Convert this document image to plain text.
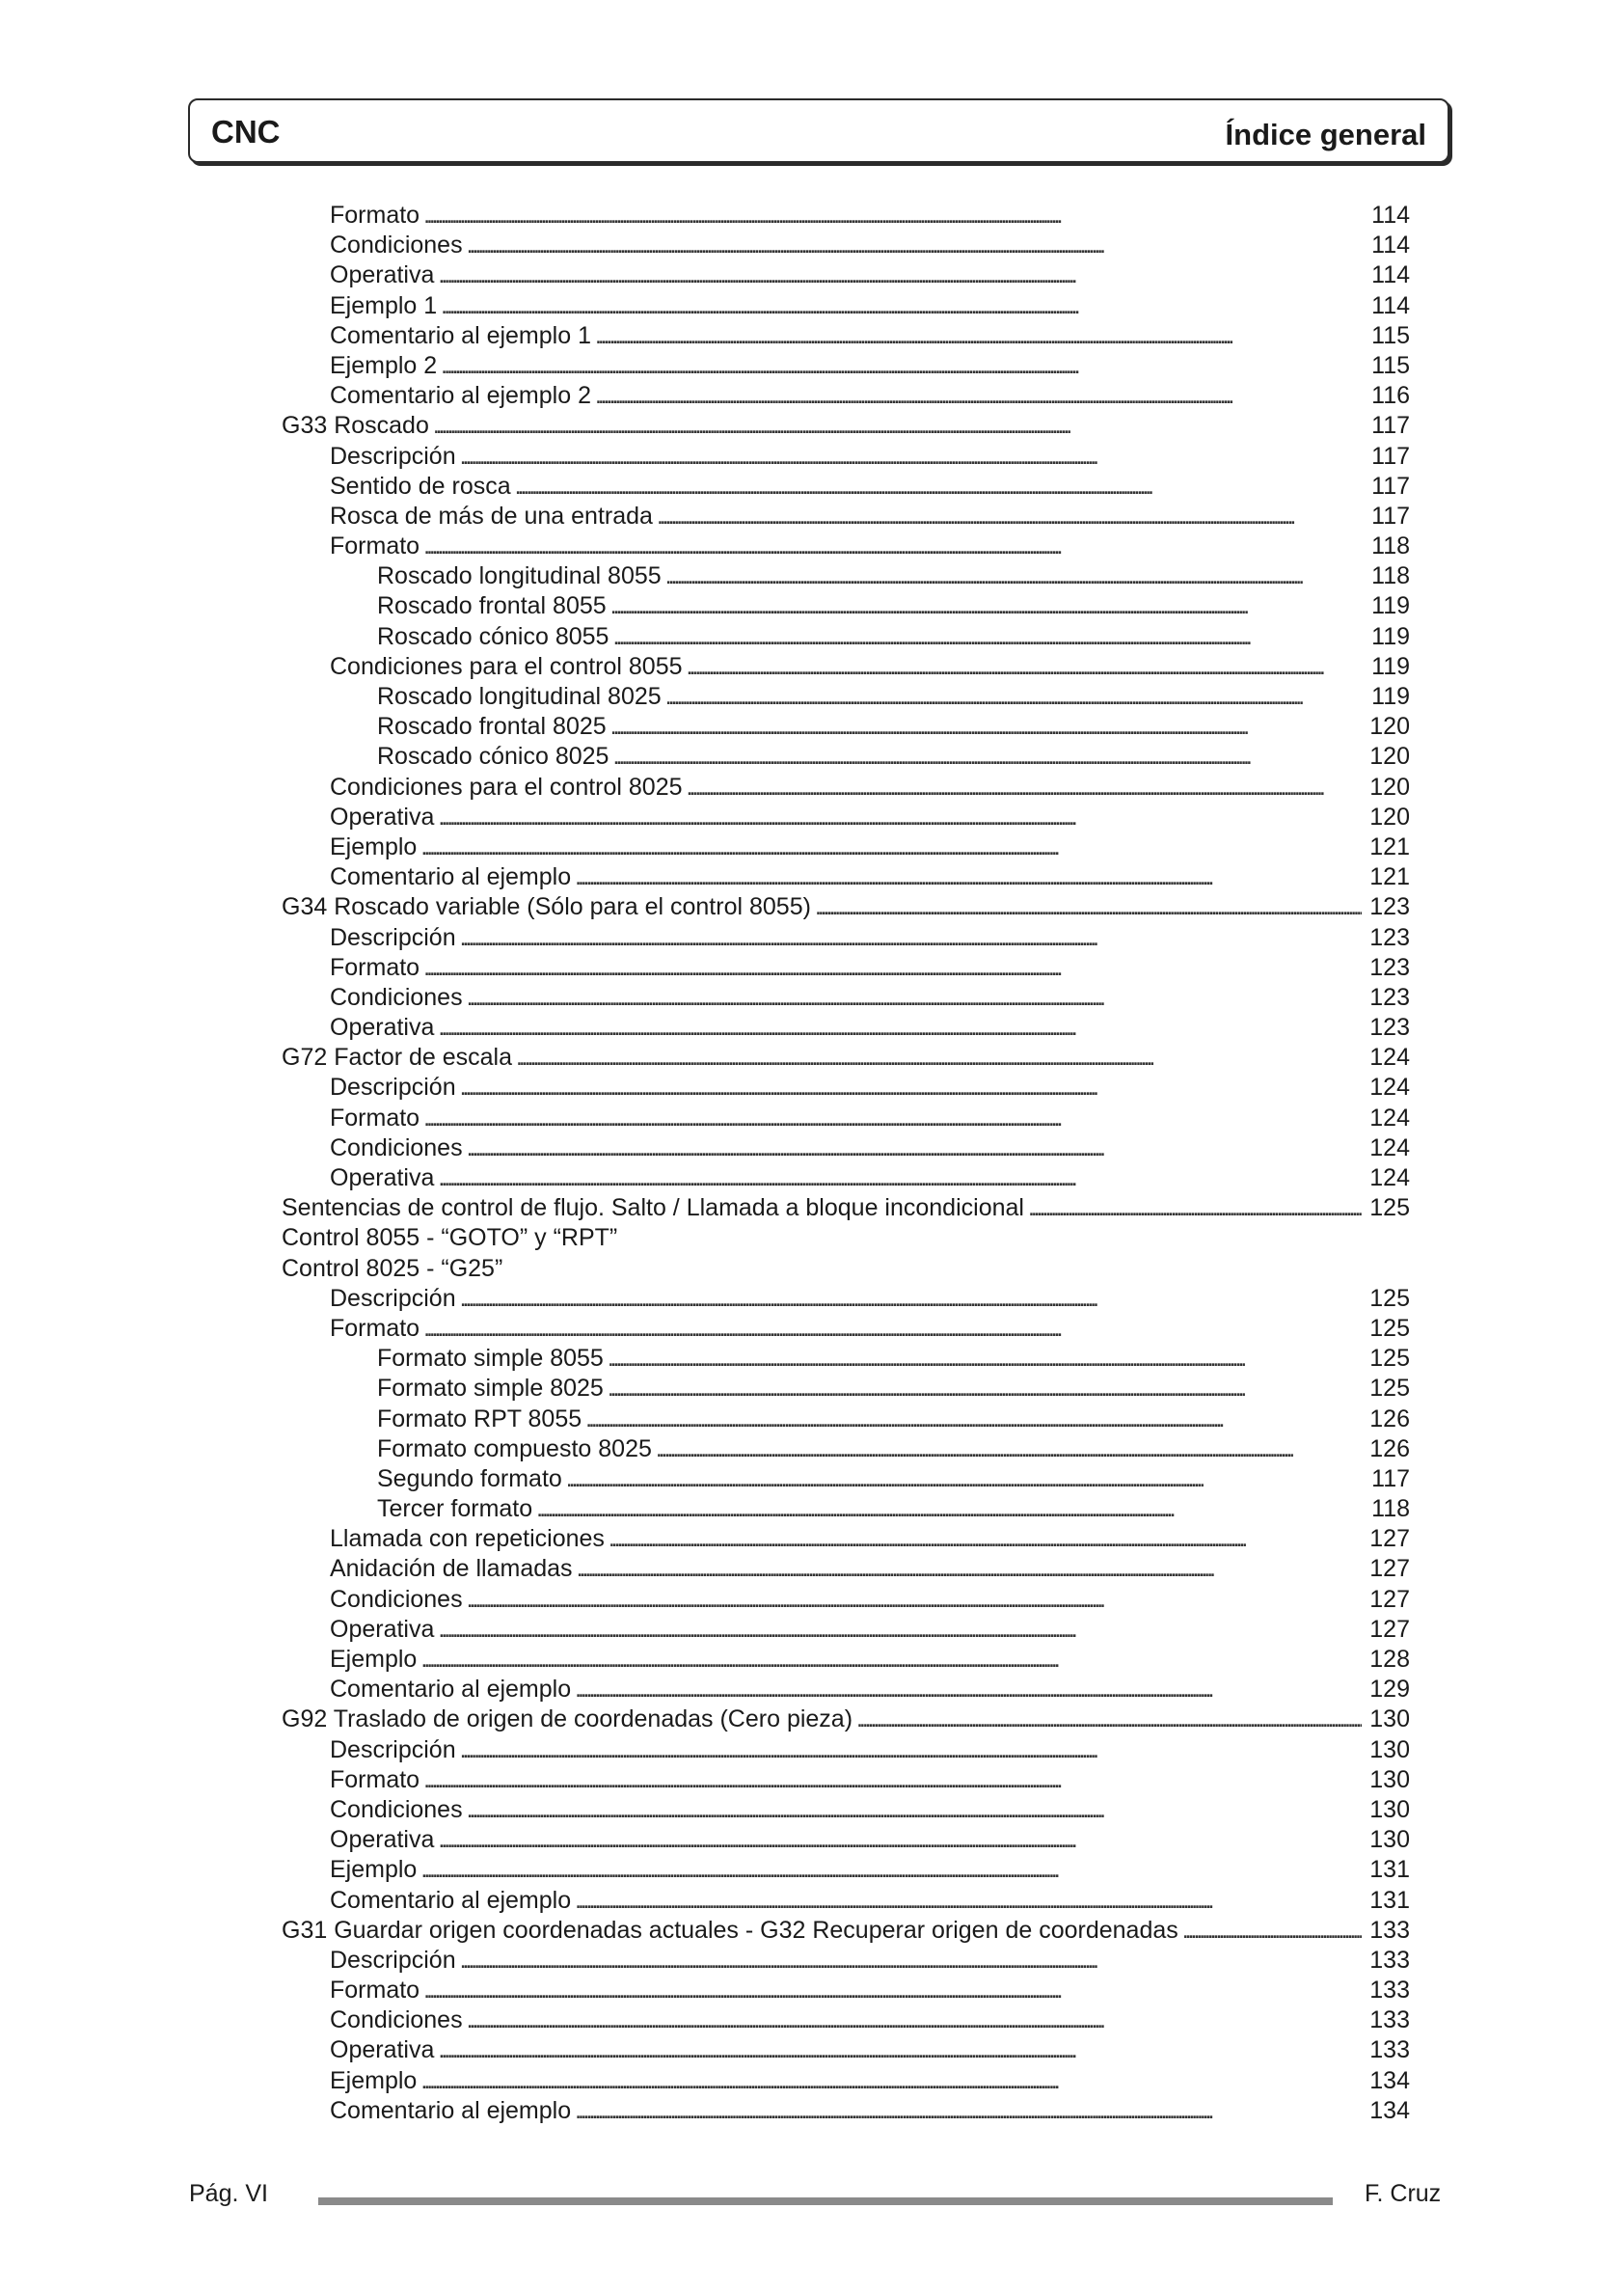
CNC	Índice general
Formato . . .	114
Condiciones . . .	114
Operativa . . .	114
Ejemplo 1 . . .	114
Comentario al ejemplo 1 . . .	115
Ejemplo 2 . . .	115
Comentario al ejemplo 2 . . .	116
G33 Roscado . . .	117
Descripción . . .	117
Sentido de rosca . . .	117
Rosca de más de una entrada . . .	117
Formato . . .	118
Roscado longitudinal 8055 . . .	118
Roscado frontal 8055 . . .	119
Roscado cónico 8055 . . .	119
Condiciones para el control 8055 . . .	119
Roscado longitudinal 8025 . . .	119
Roscado frontal 8025 . . .	120
Roscado cónico 8025 . . .	120
Condiciones para el control 8025 . . .	120
Operativa . . .	120
Ejemplo . . .	121
Comentario al ejemplo . . .	121
G34 Roscado variable (Sólo para el control 8055) . . .	123
Descripción . . .	123
Formato . . .	123
Condiciones . . .	123
Operativa . . .	123
G72 Factor de escala . . .	124
Descripción . . .	124
Formato . . .	124
Condiciones . . .	124
Operativa . . .	124
Sentencias de control de flujo. Salto / Llamada a bloque incondicional . . .	125
Control 8055 - “GOTO” y “RPT”
Control 8025 - “G25”
Descripción . . .	125
Formato . . .	125
Formato simple 8055 . . .	125
Formato simple 8025 . . .	125
Formato RPT 8055 . . .	126
Formato compuesto 8025 . . .	126
Segundo formato . . .	117
Tercer formato . . .	118
Llamada con repeticiones . . .	127
Anidación de llamadas . . .	127
Condiciones . . .	127
Operativa . . .	127
Ejemplo . . .	128
Comentario al ejemplo . . .	129
G92 Traslado de origen de coordenadas (Cero pieza) . . .	130
Descripción . . .	130
Formato . . .	130
Condiciones . . .	130
Operativa . . .	130
Ejemplo . . .	131
Comentario al ejemplo . . .	131
G31 Guardar origen coordenadas actuales - G32 Recuperar origen de coordenadas . . .	133
Descripción . . .	133
Formato . . .	133
Condiciones . . .	133
Operativa . . .	133
Ejemplo . . .	134
Comentario al ejemplo . . .	134
Pág. VI	F. Cruz
